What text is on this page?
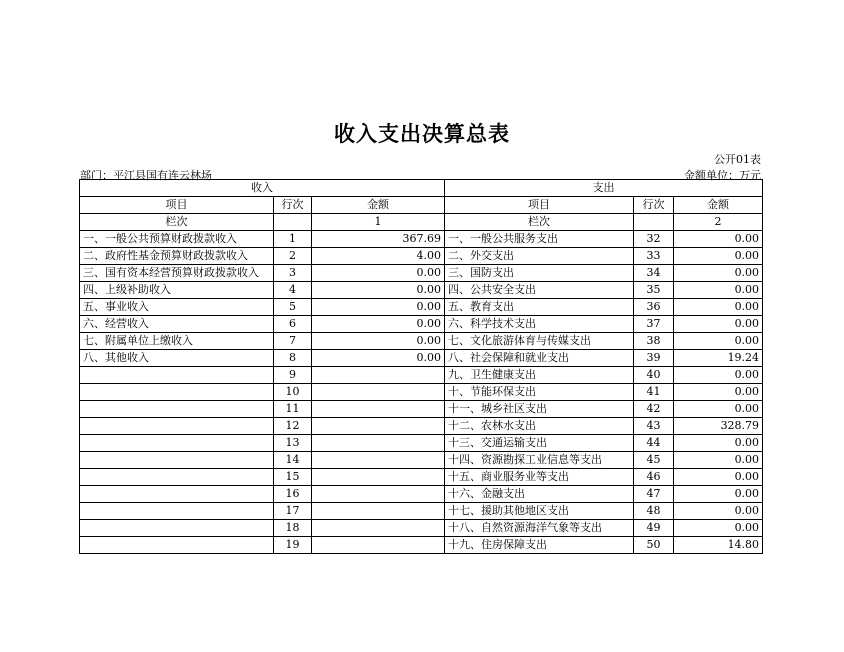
收入支出决算总表
公开01表
部门：平江县国有连云林场	金额单位：万元
收入			支出		
项目	行次	金额	项目	行次	金额
栏次		1	栏次		2
一、一般公共预算财政拨款收入	1	367.69	一、一般公共服务支出	32	0.00
二、政府性基金预算财政拨款收入	2	4.00	二、外交支出	33	0.00
三、国有资本经营预算财政拨款收入	3	0.00	三、国防支出	34	0.00
四、上级补助收入	4	0.00	四、公共安全支出	35	0.00
五、事业收入	5	0.00	五、教育支出	36	0.00
六、经营收入	6	0.00	六、科学技术支出	37	0.00
七、附属单位上缴收入	7	0.00	七、文化旅游体育与传媒支出	38	0.00
八、其他收入	8	0.00	八、社会保障和就业支出	39	19.24
	9		九、卫生健康支出	40	0.00
	10		十、节能环保支出	41	0.00
	11		十一、城乡社区支出	42	0.00
	12		十二、农林水支出	43	328.79
	13		十三、交通运输支出	44	0.00
	14		十四、资源勘探工业信息等支出	45	0.00
	15		十五、商业服务业等支出	46	0.00
	16		十六、金融支出	47	0.00
	17		十七、援助其他地区支出	48	0.00
	18		十八、自然资源海洋气象等支出	49	0.00
	19		十九、住房保障支出	50	14.80
